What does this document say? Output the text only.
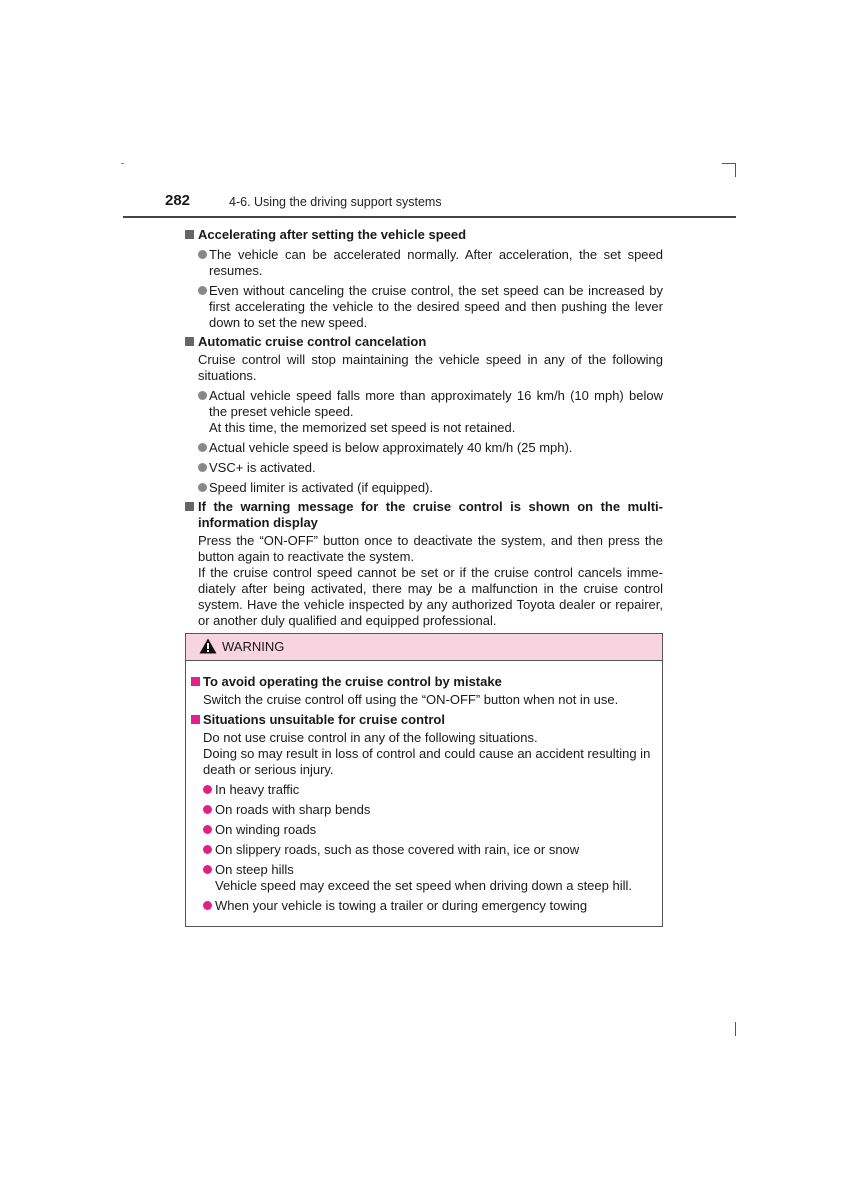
282	4-6. Using the driving support systems
Accelerating after setting the vehicle speed
The vehicle can be accelerated normally. After acceleration, the set speed resumes.
Even without canceling the cruise control, the set speed can be increased by first accelerating the vehicle to the desired speed and then pushing the lever down to set the new speed.
Automatic cruise control cancelation
Cruise control will stop maintaining the vehicle speed in any of the following situations.
Actual vehicle speed falls more than approximately 16 km/h (10 mph) below the preset vehicle speed.
At this time, the memorized set speed is not retained.
Actual vehicle speed is below approximately 40 km/h (25 mph).
VSC+ is activated.
Speed limiter is activated (if equipped).
If the warning message for the cruise control is shown on the multi-information display
Press the “ON-OFF” button once to deactivate the system, and then press the button again to reactivate the system.
If the cruise control speed cannot be set or if the cruise control cancels imme-diately after being activated, there may be a malfunction in the cruise control system. Have the vehicle inspected by any authorized Toyota dealer or repairer, or another duly qualified and equipped professional.
WARNING
To avoid operating the cruise control by mistake
Switch the cruise control off using the “ON-OFF” button when not in use.
Situations unsuitable for cruise control
Do not use cruise control in any of the following situations.
Doing so may result in loss of control and could cause an accident resulting in death or serious injury.
In heavy traffic
On roads with sharp bends
On winding roads
On slippery roads, such as those covered with rain, ice or snow
On steep hills
Vehicle speed may exceed the set speed when driving down a steep hill.
When your vehicle is towing a trailer or during emergency towing
